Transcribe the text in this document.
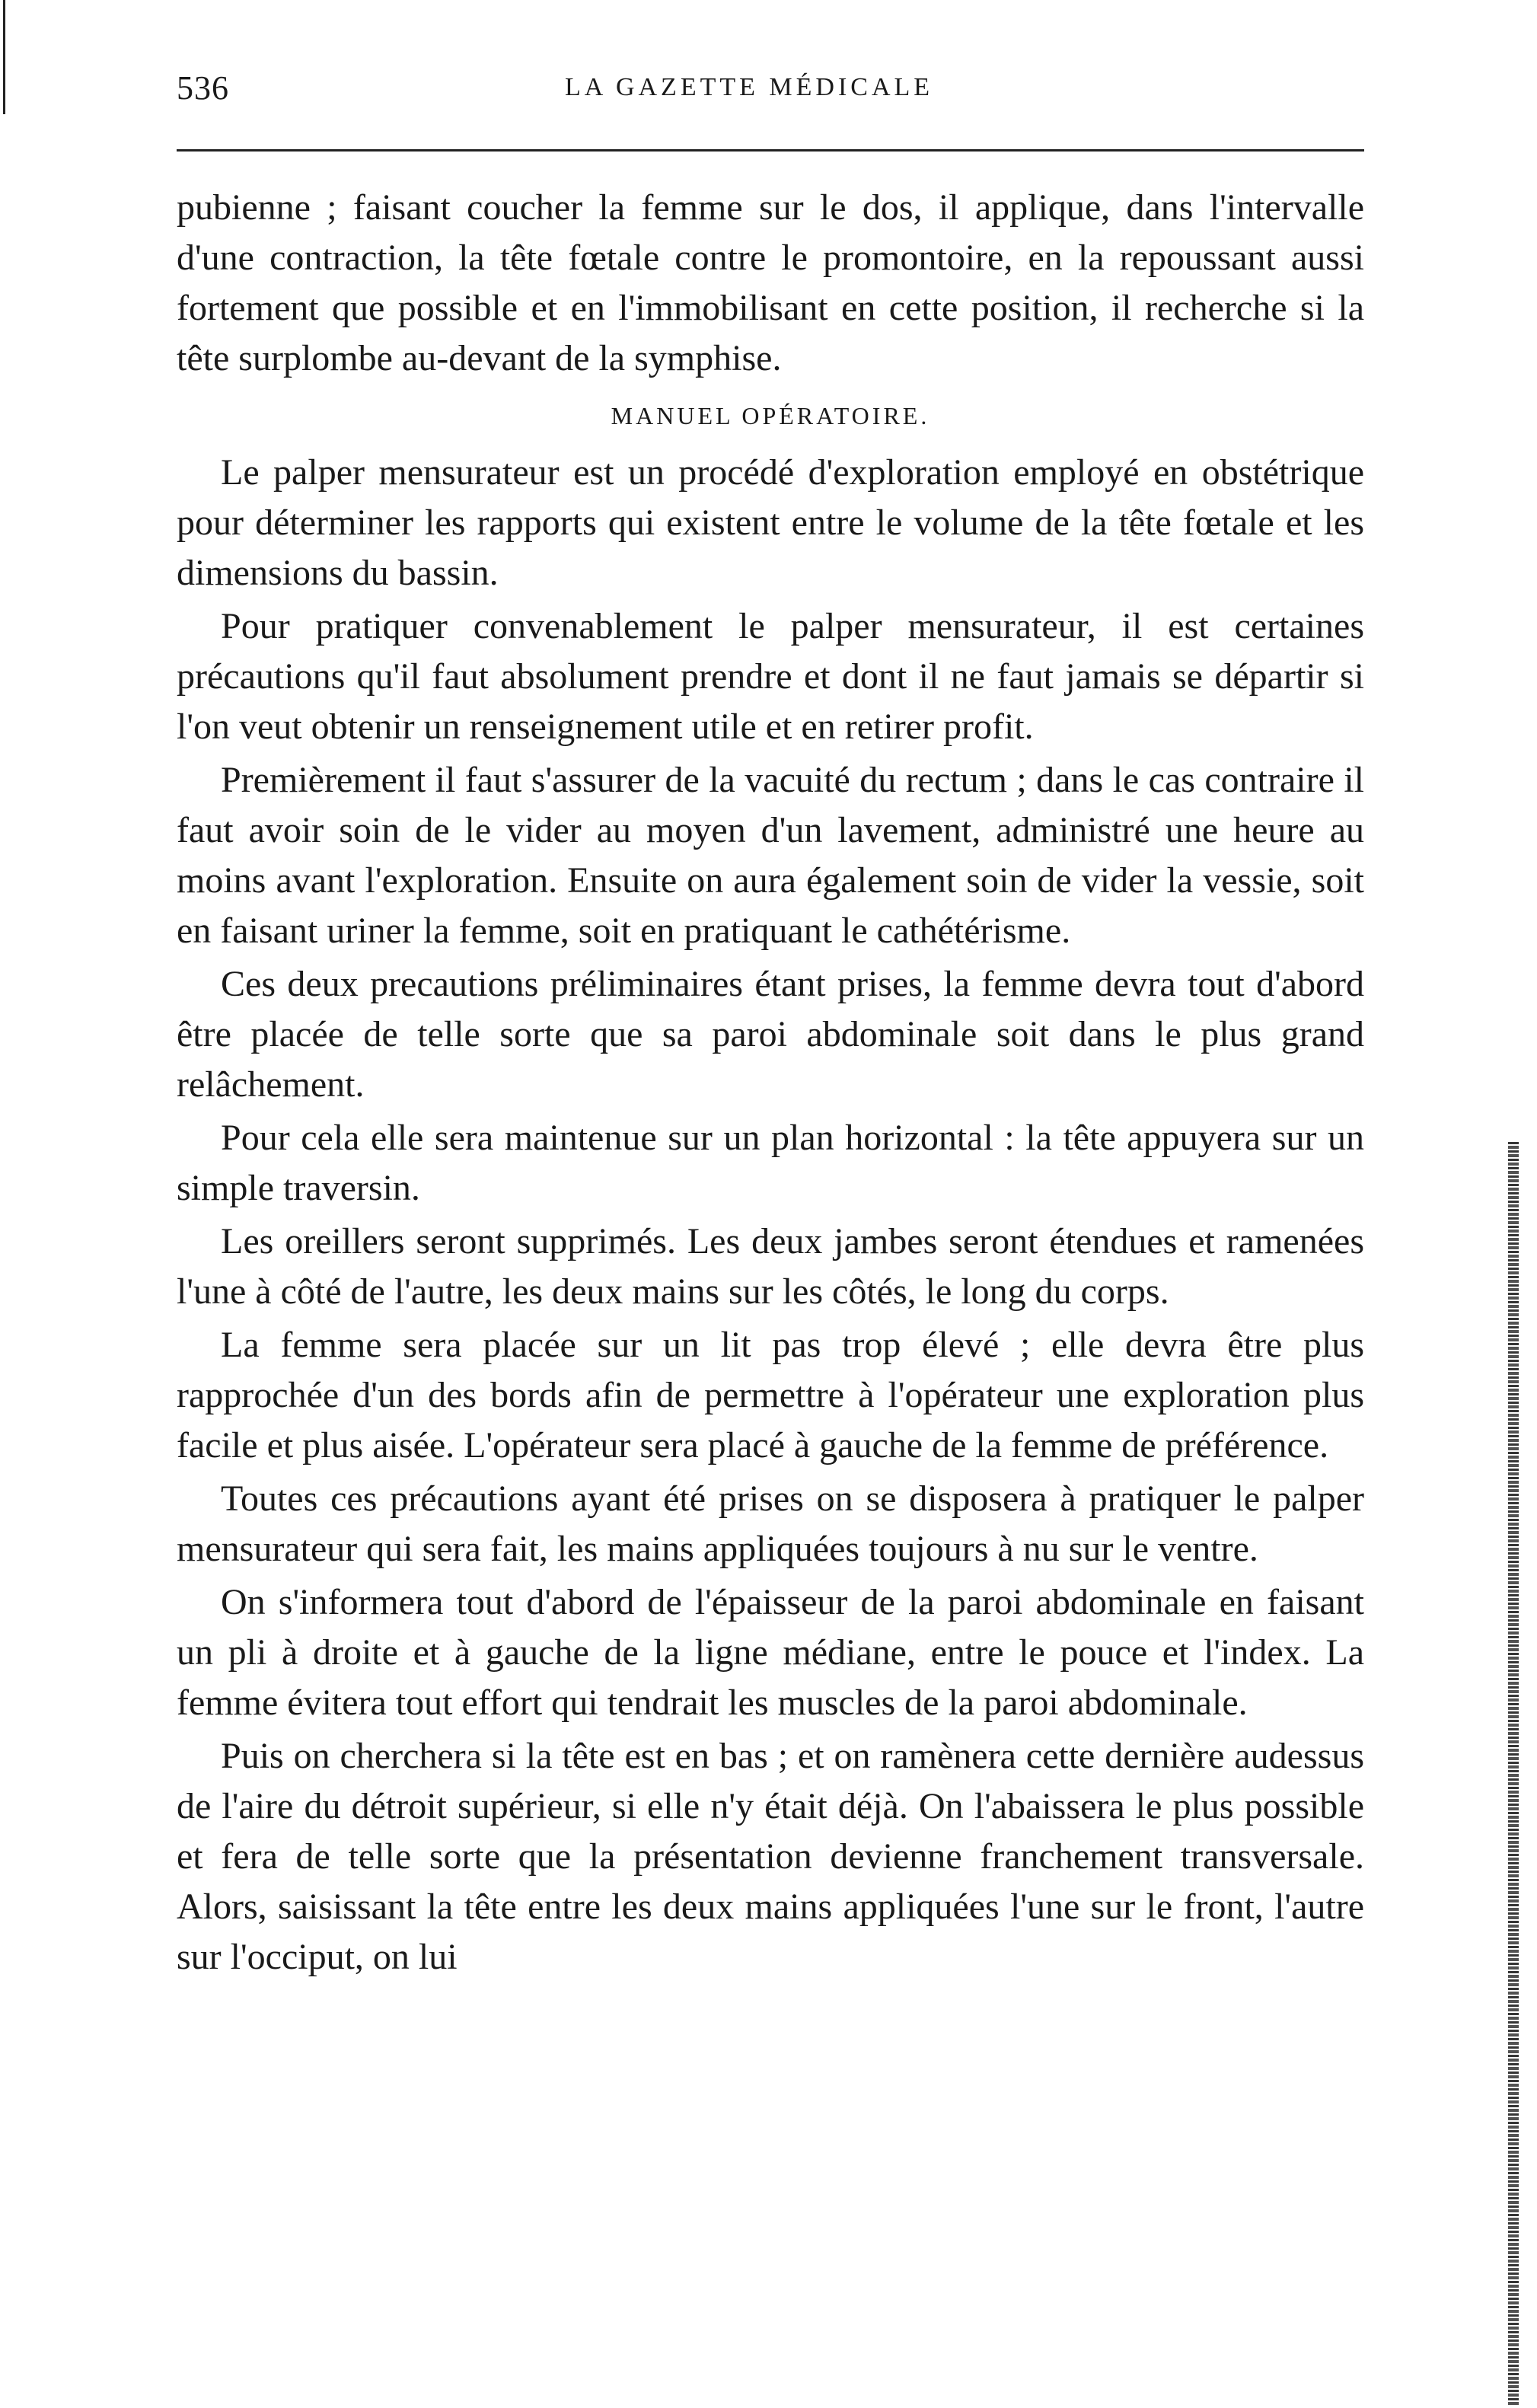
536	LA GAZETTE MÉDICALE

pubienne ; faisant coucher la femme sur le dos, il applique, dans l'intervalle d'une contraction, la tête fœtale contre le promontoire, en la repoussant aussi fortement que possible et en l'immobilisant en cette position, il recherche si la tête surplombe au-devant de la symphise.

MANUEL OPÉRATOIRE.

Le palper mensurateur est un procédé d'exploration employé en obstétrique pour déterminer les rapports qui existent entre le volume de la tête fœtale et les dimensions du bassin.

Pour pratiquer convenablement le palper mensurateur, il est certaines précautions qu'il faut absolument prendre et dont il ne faut jamais se départir si l'on veut obtenir un renseignement utile et en retirer profit.

Premièrement il faut s'assurer de la vacuité du rectum ; dans le cas contraire il faut avoir soin de le vider au moyen d'un lavement, administré une heure au moins avant l'exploration. Ensuite on aura également soin de vider la vessie, soit en faisant uriner la femme, soit en pratiquant le cathétérisme.

Ces deux precautions préliminaires étant prises, la femme devra tout d'abord être placée de telle sorte que sa paroi abdominale soit dans le plus grand relâchement.

Pour cela elle sera maintenue sur un plan horizontal : la tête appuyera sur un simple traversin.

Les oreillers seront supprimés. Les deux jambes seront étendues et ramenées l'une à côté de l'autre, les deux mains sur les côtés, le long du corps.

La femme sera placée sur un lit pas trop élevé ; elle devra être plus rapprochée d'un des bords afin de permettre à l'opérateur une exploration plus facile et plus aisée. L'opérateur sera placé à gauche de la femme de préférence.

Toutes ces précautions ayant été prises on se disposera à pratiquer le palper mensurateur qui sera fait, les mains appliquées toujours à nu sur le ventre.

On s'informera tout d'abord de l'épaisseur de la paroi abdominale en faisant un pli à droite et à gauche de la ligne médiane, entre le pouce et l'index. La femme évitera tout effort qui tendrait les muscles de la paroi abdominale.

Puis on cherchera si la tête est en bas ; et on ramènera cette dernière audessus de l'aire du détroit supérieur, si elle n'y était déjà. On l'abaissera le plus possible et fera de telle sorte que la présentation devienne franchement transversale. Alors, saisissant la tête entre les deux mains appliquées l'une sur le front, l'autre sur l'occiput, on lui
